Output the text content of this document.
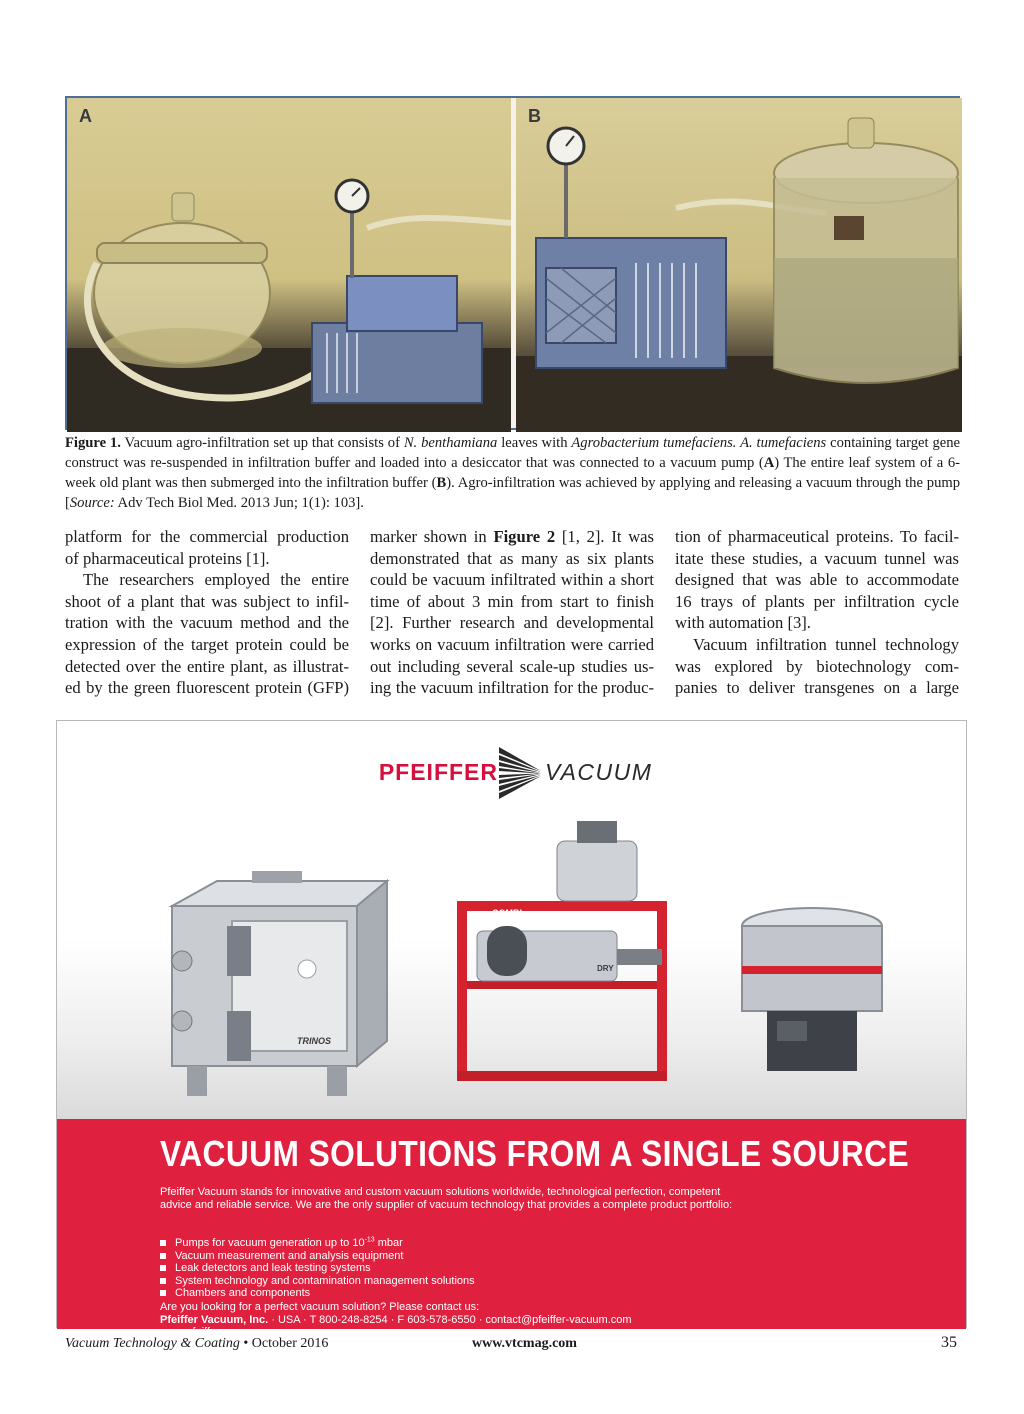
A	B
Figure 1. Vacuum agro-infiltration set up that consists of N. benthamiana leaves with Agrobacterium tumefaciens. A. tumefaciens containing target gene construct was re-suspended in infiltration buffer and loaded into a desiccator that was connected to a vacuum pump (A) The entire leaf system of a 6-week old plant was then submerged into the infiltration buffer (B). Agro-infiltration was achieved by applying and releasing a vacuum through the pump [Source: Adv Tech Biol Med. 2013 Jun; 1(1): 103].
platform for the commercial production
of pharmaceutical proteins [1].
The researchers employed the entire
shoot of a plant that was subject to infil-
tration with the vacuum method and the
expression of the target protein could be
detected over the entire plant, as illustrat-
ed by the green fluorescent protein (GFP)
marker shown in Figure 2 [1, 2]. It was
demonstrated that as many as six plants
could be vacuum infiltrated within a short
time of about 3 min from start to finish
[2]. Further research and developmental
works on vacuum infiltration were carried
out including several scale-up studies us-
ing the vacuum infiltration for the produc-
tion of pharmaceutical proteins. To facil-
itate these studies, a vacuum tunnel was
designed that was able to accommodate
16 trays of plants per infiltration cycle
with automation [3].
Vacuum infiltration tunnel technology
was explored by biotechnology com-
panies to deliver transgenes on a large
PFEIFFER VACUUM
TRINOS
COMBI
DRY
VACUUM SOLUTIONS FROM A SINGLE SOURCE
Pfeiffer Vacuum stands for innovative and custom vacuum solutions worldwide, technological perfection, competent
advice and reliable service. We are the only supplier of vacuum technology that provides a complete product portfolio:
Pumps for vacuum generation up to $10^{-13}$ mbar
Vacuum measurement and analysis equipment
Leak detectors and leak testing systems
System technology and contamination management solutions
Chambers and components
Are you looking for a perfect vacuum solution? Please contact us:
Pfeiffer Vacuum, Inc. · USA · T 800-248-8254 · F 603-578-6550 · contact@pfeiffer-vacuum.com
www.pfeiffer-vacuum.com
Vacuum Technology & Coating • October 2016	www.vtcmag.com	35
